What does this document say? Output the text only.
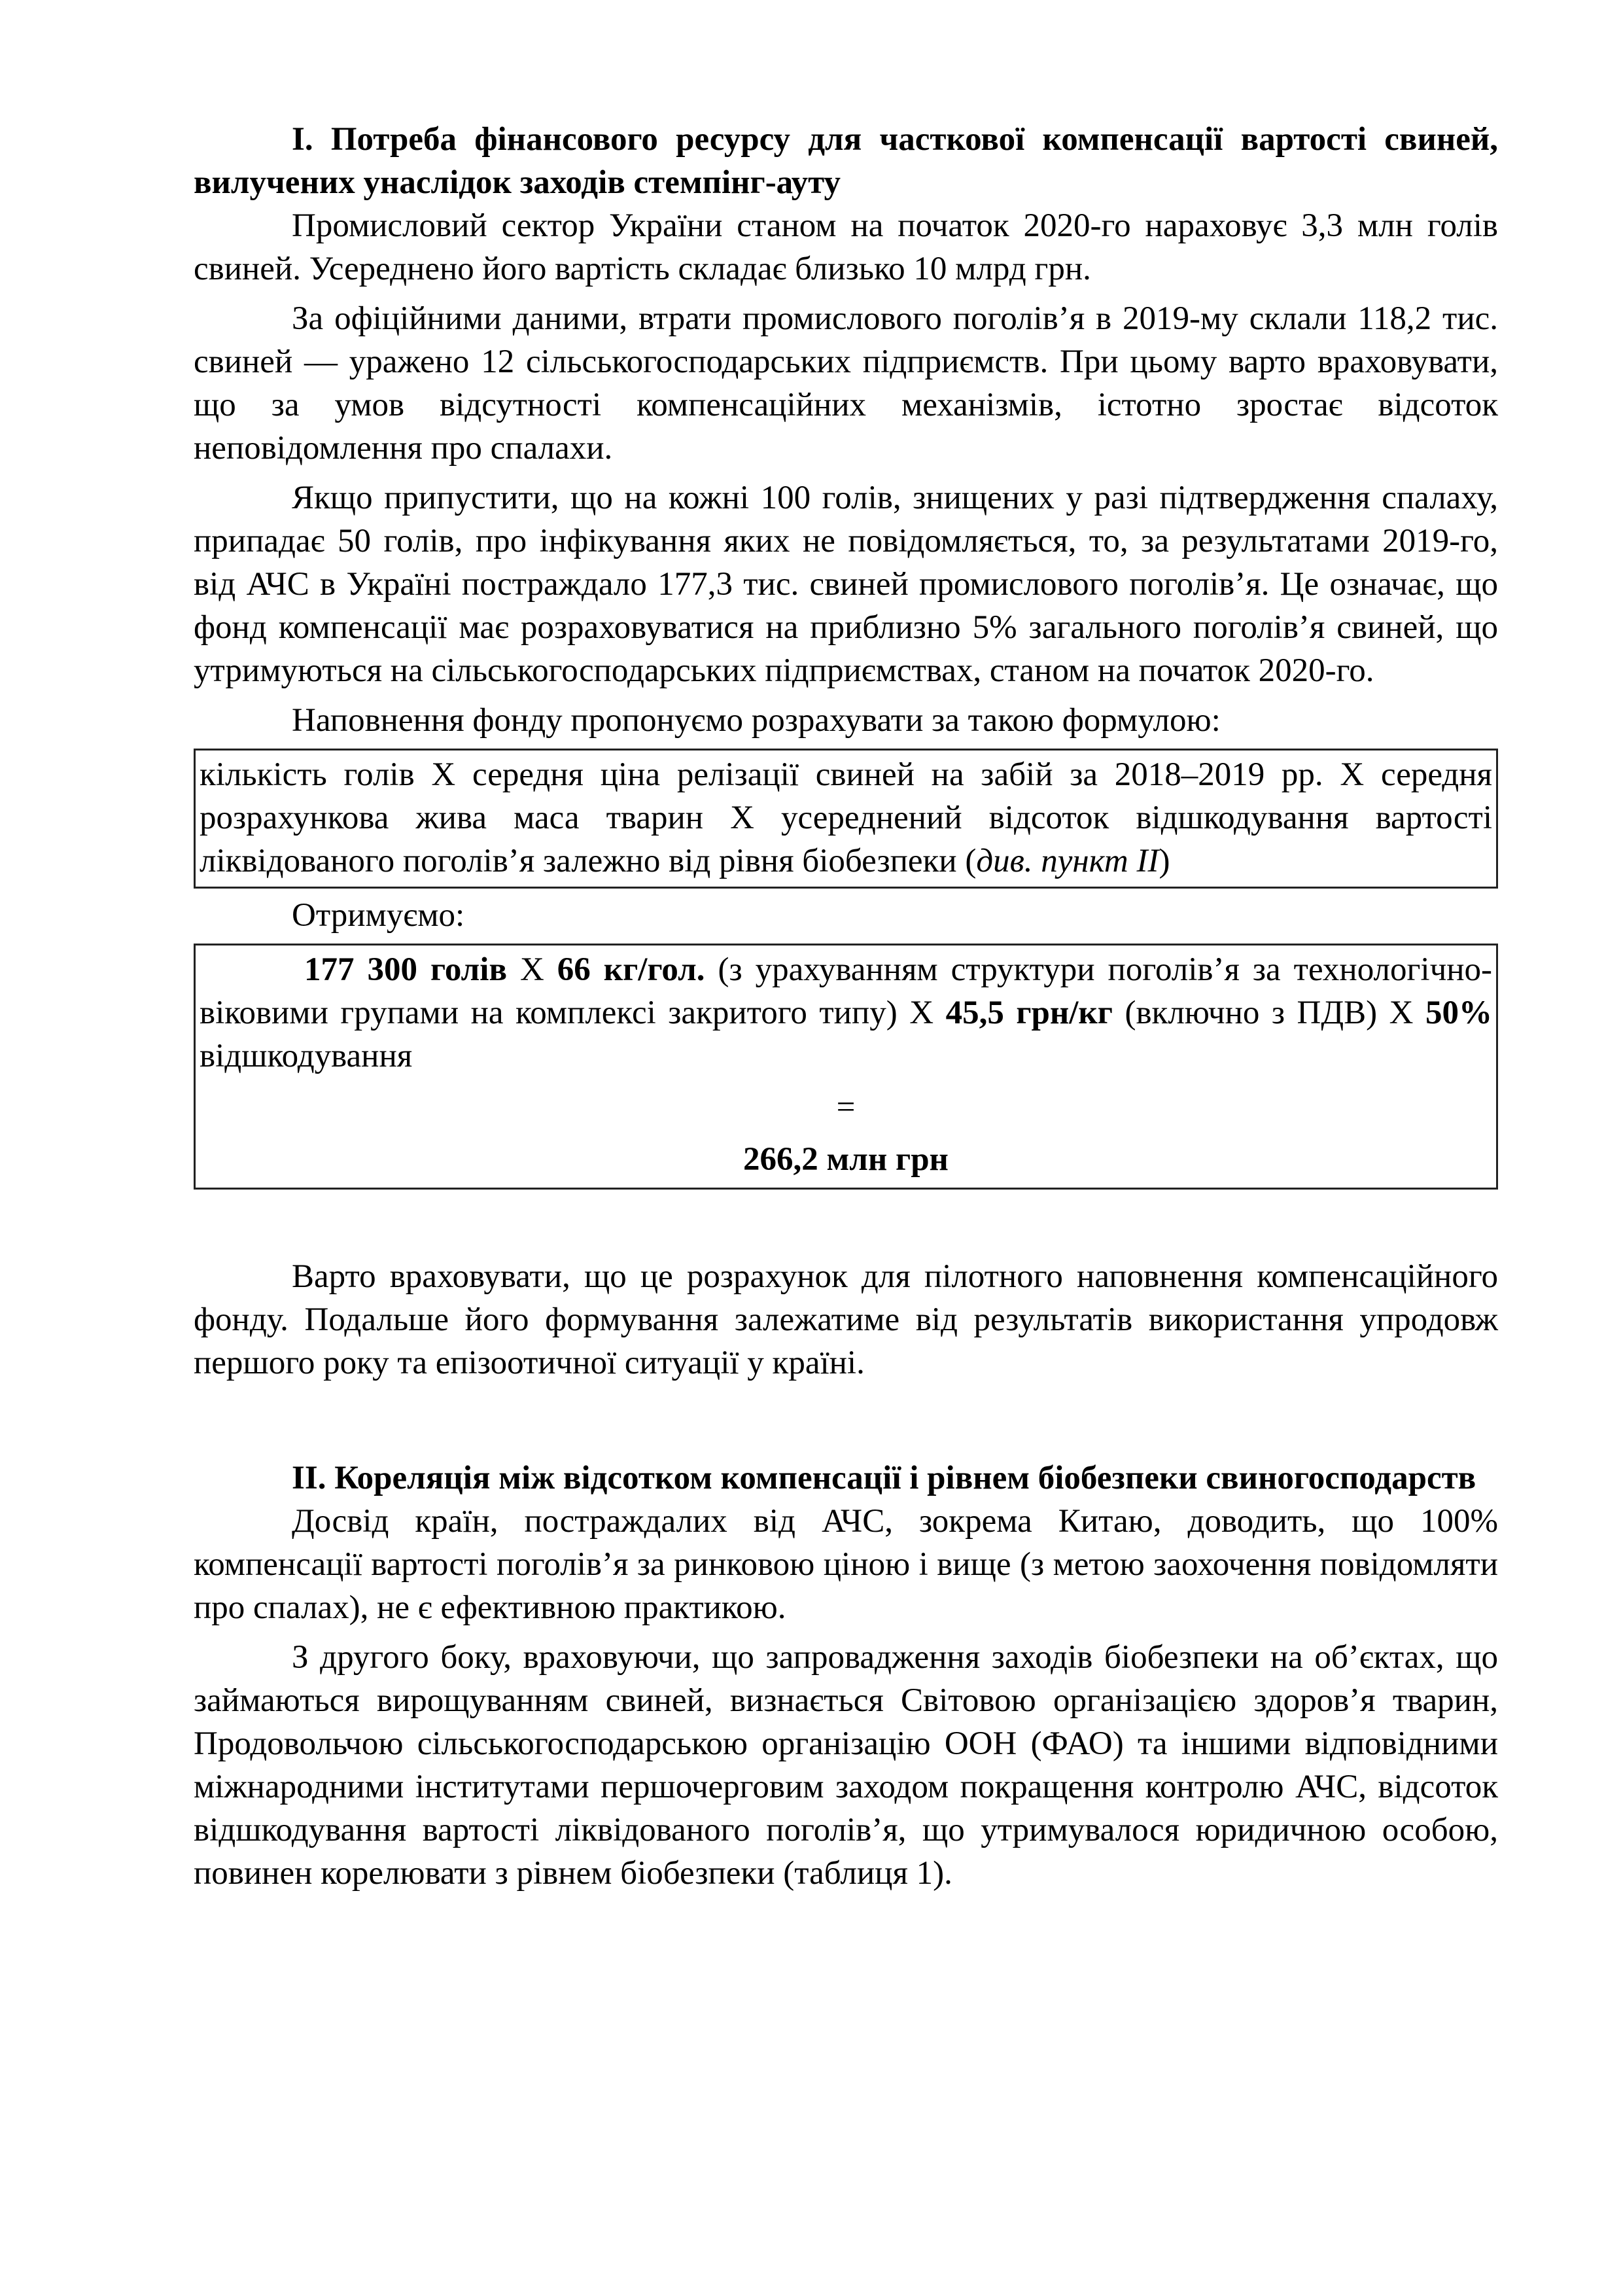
І. Потреба фінансового ресурсу для часткової компенсації вартості свиней, вилучених унаслідок заходів стемпінг-ауту

Промисловий сектор України станом на початок 2020-го нараховує 3,3 млн голів свиней. Усереднено його вартість складає близько 10 млрд грн.

За офіційними даними, втрати промислового поголів’я в 2019-му склали 118,2 тис. свиней — уражено 12 сільськогосподарських підприємств. При цьому варто враховувати, що за умов відсутності компенсаційних механізмів, істотно зростає відсоток неповідомлення про спалахи.

Якщо припустити, що на кожні 100 голів, знищених у разі підтвердження спалаху, припадає 50 голів, про інфікування яких не повідомляється, то, за результатами 2019-го, від АЧС в Україні постраждало 177,3 тис. свиней промислового поголів’я. Це означає, що фонд компенсації має розраховуватися на приблизно 5% загального поголів’я свиней, що утримуються на сільськогосподарських підприємствах, станом на початок 2020-го.

Наповнення фонду пропонуємо розрахувати за такою формулою:

кількість голів Х середня ціна релізації свиней на забій за 2018–2019 рр. Х середня розрахункова жива маса тварин Х усереднений відсоток відшкодування вартості ліквідованого поголів’я залежно від рівня біобезпеки (див. пункт ІІ)

Отримуємо:

177 300 голів Х 66 кг/гол. (з урахуванням структури поголів’я за технологічно-віковими групами на комплексі закритого типу) Х 45,5 грн/кг (включно з ПДВ) Х 50% відшкодування
=
266,2 млн грн

Варто враховувати, що це розрахунок для пілотного наповнення компенсаційного фонду. Подальше його формування залежатиме від результатів використання упродовж першого року та епізоотичної ситуації у країні.

ІІ. Кореляція між відсотком компенсації і рівнем біобезпеки свиногосподарств

Досвід країн, постраждалих від АЧС, зокрема Китаю, доводить, що 100% компенсації вартості поголів’я за ринковою ціною і вище (з метою заохочення повідомляти про спалах), не є ефективною практикою.

З другого боку, враховуючи, що запровадження заходів біобезпеки на об’єктах, що займаються вирощуванням свиней, визнається Світовою організацією здоров’я тварин, Продовольчою сільськогосподарською організацію ООН (ФАО) та іншими відповідними міжнародними інститутами першочерговим заходом покращення контролю АЧС, відсоток відшкодування вартості ліквідованого поголів’я, що утримувалося юридичною особою, повинен корелювати з рівнем біобезпеки (таблиця 1).
